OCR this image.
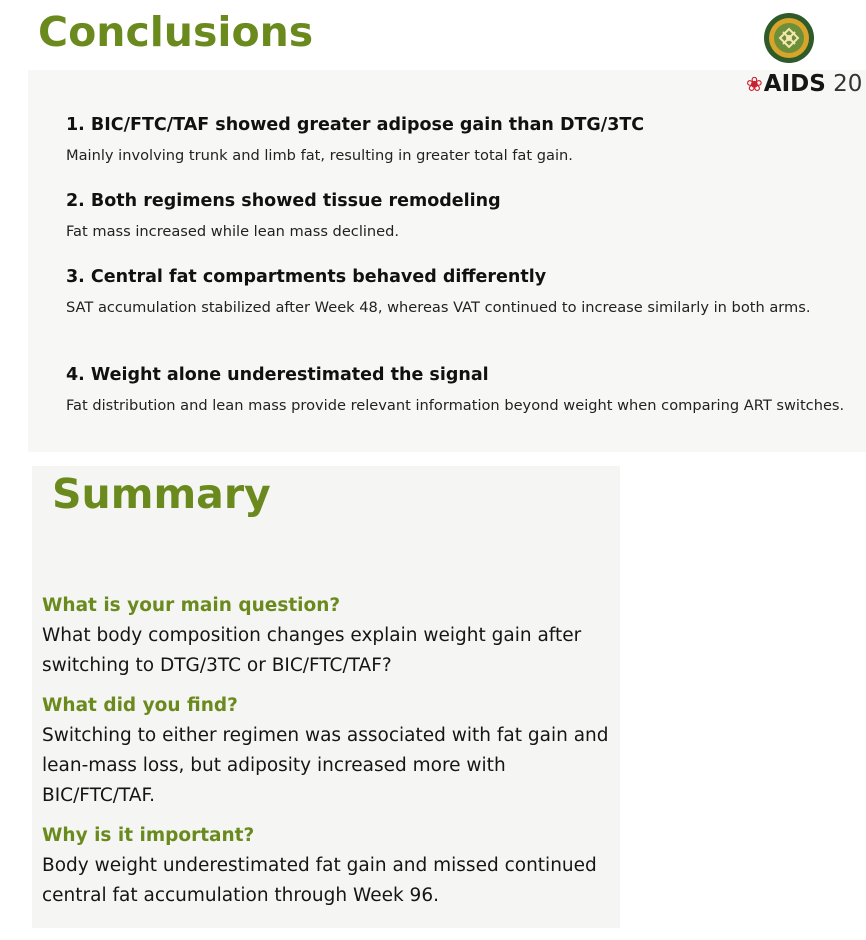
Conclusions
❀AIDS 20
1. BIC/FTC/TAF showed greater adipose gain than DTG/3TC
Mainly involving trunk and limb fat, resulting in greater total fat gain.
2. Both regimens showed tissue remodeling
Fat mass increased while lean mass declined.
3. Central fat compartments behaved differently
SAT accumulation stabilized after Week 48, whereas VAT continued to increase similarly in both arms.
4. Weight alone underestimated the signal
Fat distribution and lean mass provide relevant information beyond weight when comparing ART switches.
Summary
What is your main question?
What body composition changes explain weight gain after switching to DTG/3TC or BIC/FTC/TAF?
What did you find?
Switching to either regimen was associated with fat gain and lean-mass loss, but adiposity increased more with BIC/FTC/TAF.
Why is it important?
Body weight underestimated fat gain and missed continued central fat accumulation through Week 96.
